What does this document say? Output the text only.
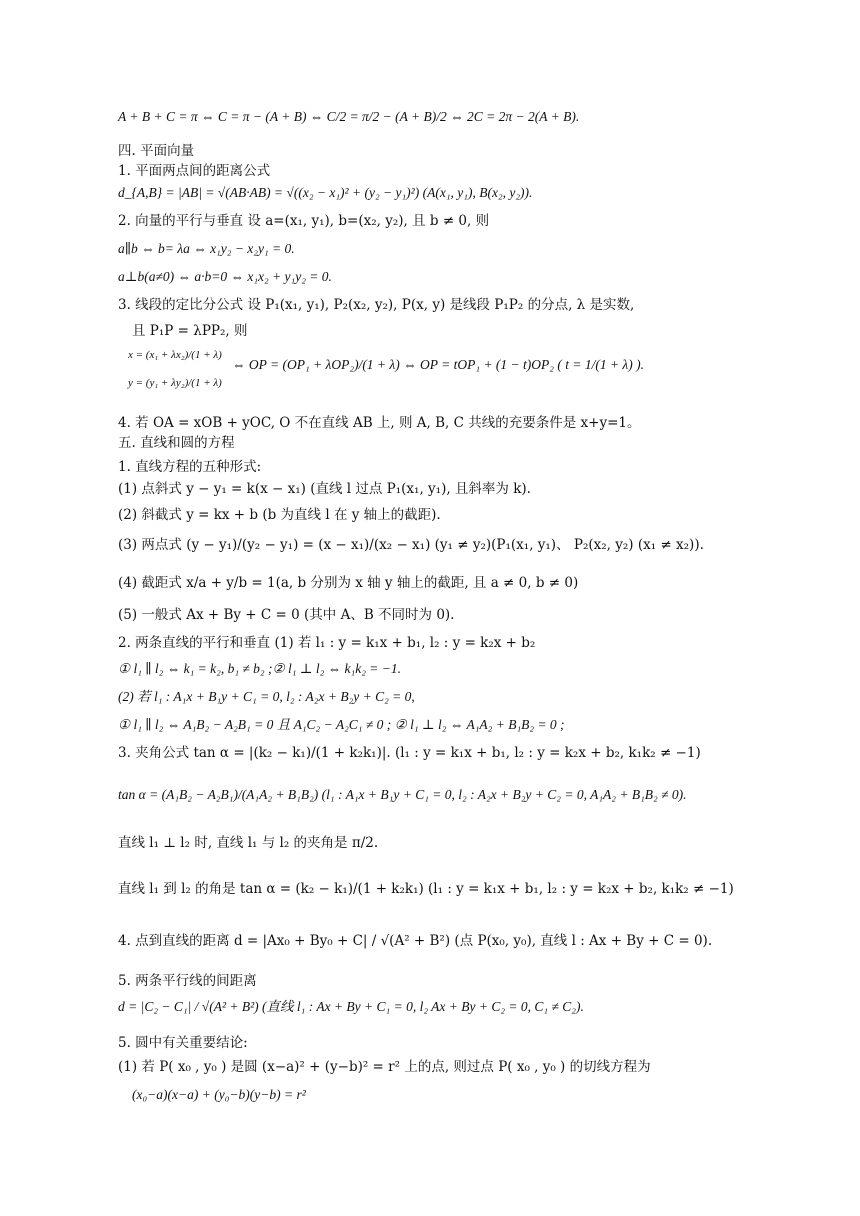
A + B + C = π ⇔ C = π − (A + B) ⇔ C/2 = π/2 − (A + B)/2 ⇔ 2C = 2π − 2(A + B).
四. 平面向量
1. 平面两点间的距离公式
d_{A,B} = |AB| = √(AB·AB) = √((x₂ − x₁)² + (y₂ − y₁)²) (A(x₁, y₁), B(x₂, y₂)).
2. 向量的平行与垂直 设 a=(x₁, y₁), b=(x₂, y₂), 且 b ≠ 0, 则
a∥b ⇔ b= λa ⇔ x₁y₂ − x₂y₁ = 0.
a⊥b(a≠0) ⇔ a·b=0 ⇔ x₁x₂ + y₁y₂ = 0.
3. 线段的定比分公式 设 P₁(x₁, y₁), P₂(x₂, y₂), P(x, y) 是线段 P₁P₂ 的分点, λ 是实数,
且 P₁P = λPP₂, 则
x = (x₁ + λx₂)/(1 + λ)
⇔ OP = (OP₁ + λOP₂)/(1 + λ) ⇔ OP = tOP₁ + (1 − t)OP₂ ( t = 1/(1 + λ) ).
y = (y₁ + λy₂)/(1 + λ)
4. 若 OA = xOB + yOC, O 不在直线 AB 上, 则 A, B, C 共线的充要条件是 x+y=1。
五. 直线和圆的方程
1. 直线方程的五种形式:
(1) 点斜式 y − y₁ = k(x − x₁) (直线 l 过点 P₁(x₁, y₁), 且斜率为 k).
(2) 斜截式 y = kx + b (b 为直线 l 在 y 轴上的截距).
(3) 两点式 (y − y₁)/(y₂ − y₁) = (x − x₁)/(x₂ − x₁) (y₁ ≠ y₂)(P₁(x₁, y₁)、 P₂(x₂, y₂) (x₁ ≠ x₂)).
(4) 截距式 x/a + y/b = 1(a, b 分别为 x 轴 y 轴上的截距, 且 a ≠ 0, b ≠ 0)
(5) 一般式 Ax + By + C = 0 (其中 A、B 不同时为 0).
2. 两条直线的平行和垂直 (1) 若 l₁ : y = k₁x + b₁, l₂ : y = k₂x + b₂
① l₁ ∥ l₂ ⇔ k₁ = k₂, b₁ ≠ b₂ ;② l₁ ⊥ l₂ ⇔ k₁k₂ = −1.
(2) 若 l₁ : A₁x + B₁y + C₁ = 0, l₂ : A₂x + B₂y + C₂ = 0,
① l₁ ∥ l₂ ⇔ A₁B₂ − A₂B₁ = 0 且 A₁C₂ − A₂C₁ ≠ 0 ; ② l₁ ⊥ l₂ ⇔ A₁A₂ + B₁B₂ = 0 ;
3. 夹角公式 tan α = |(k₂ − k₁)/(1 + k₂k₁)|. (l₁ : y = k₁x + b₁, l₂ : y = k₂x + b₂, k₁k₂ ≠ −1)
tan α = (A₁B₂ − A₂B₁)/(A₁A₂ + B₁B₂) (l₁ : A₁x + B₁y + C₁ = 0, l₂ : A₂x + B₂y + C₂ = 0, A₁A₂ + B₁B₂ ≠ 0).
直线 l₁ ⊥ l₂ 时, 直线 l₁ 与 l₂ 的夹角是 π/2.
直线 l₁ 到 l₂ 的角是 tan α = (k₂ − k₁)/(1 + k₂k₁) (l₁ : y = k₁x + b₁, l₂ : y = k₂x + b₂, k₁k₂ ≠ −1)
4. 点到直线的距离 d = |Ax₀ + By₀ + C| / √(A² + B²) (点 P(x₀, y₀), 直线 l : Ax + By + C = 0).
5. 两条平行线的间距离
d = |C₂ − C₁| / √(A² + B²) (直线 l₁ : Ax + By + C₁ = 0, l₂ Ax + By + C₂ = 0, C₁ ≠ C₂).
5. 圆中有关重要结论:
(1) 若 P( x₀ , y₀ ) 是圆 (x−a)² + (y−b)² = r² 上的点, 则过点 P( x₀ , y₀ ) 的切线方程为
(x₀−a)(x−a) + (y₀−b)(y−b) = r²
